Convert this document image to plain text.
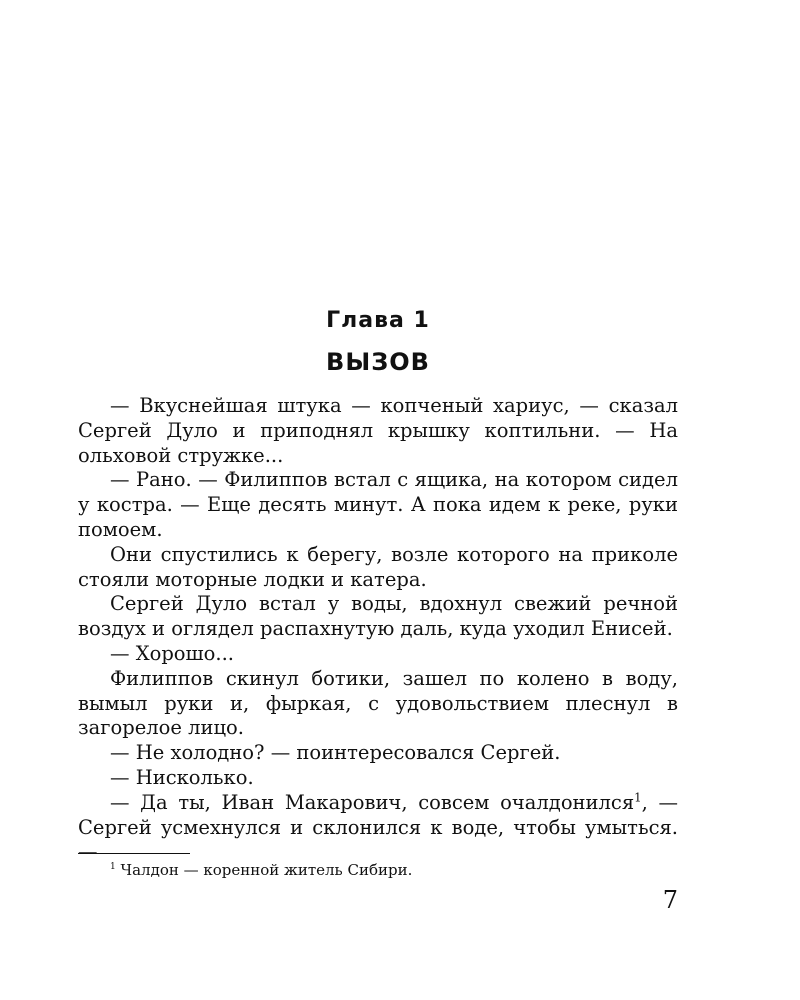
Глава 1
ВЫЗОВ

— Вкуснейшая штука — копченый хариус, — сказал Сергей Дуло и приподнял крышку коптильни. — На ольховой стружке...

— Рано. — Филиппов встал с ящика, на котором сидел у костра. — Еще десять минут. А пока идем к реке, руки помоем.

Они спустились к берегу, возле которого на приколе стояли моторные лодки и катера.

Сергей Дуло встал у воды, вдохнул свежий речной воздух и оглядел распахнутую даль, куда уходил Енисей.

— Хорошо...

Филиппов скинул ботики, зашел по колено в воду, вымыл руки и, фыркая, с удовольствием плеснул в загорелое лицо.

— Не холодно? — поинтересовался Сергей.

— Нисколько.

— Да ты, Иван Макарович, совсем очалдонился$^1$, — Сергей усмехнулся и склонился к воде, чтобы умыться. —

$^1$ Чалдон — коренной житель Сибири.

7
